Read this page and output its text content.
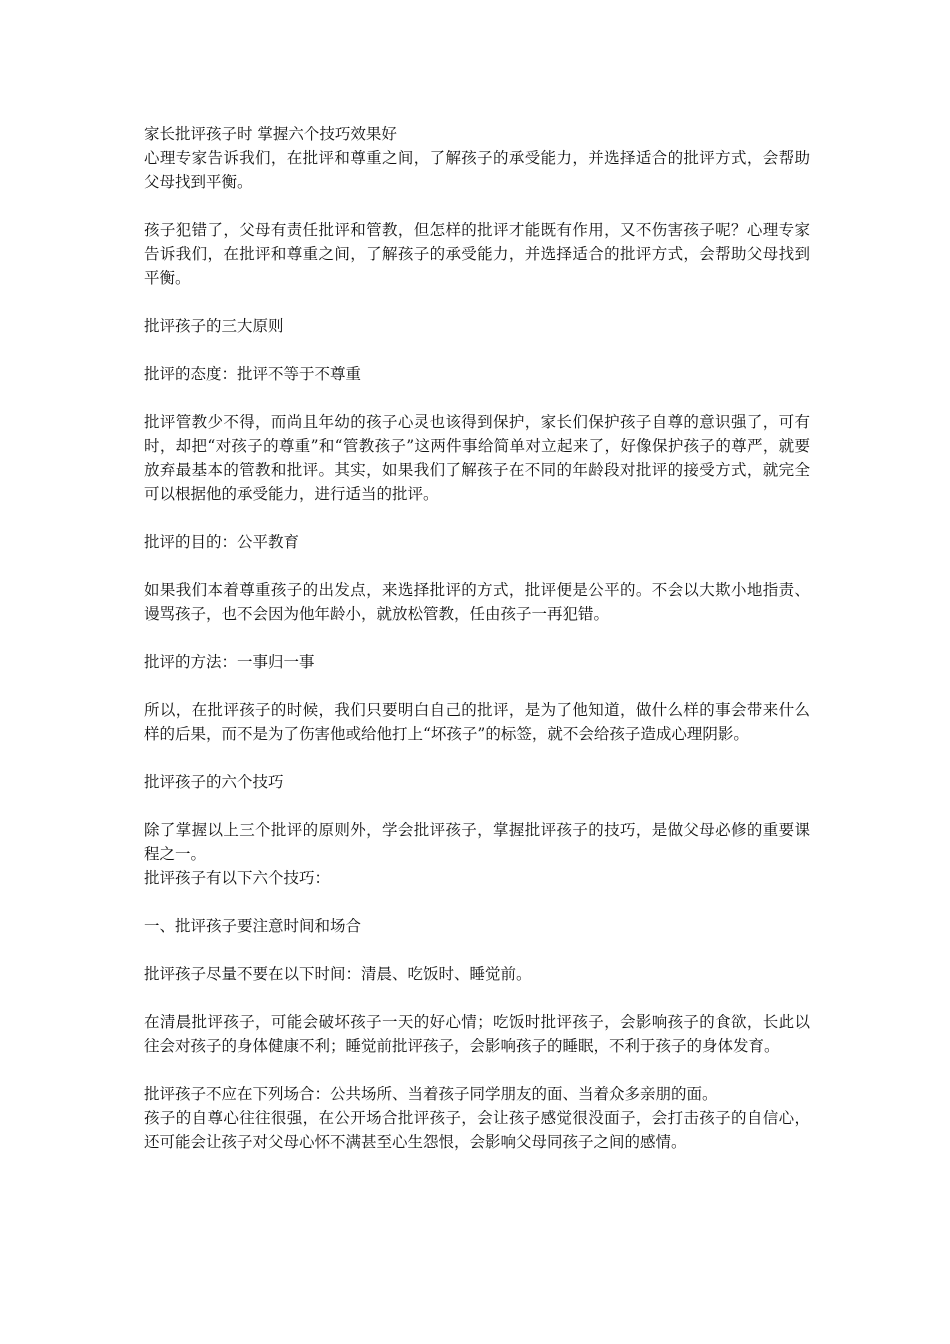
家长批评孩子时 掌握六个技巧效果好

心理专家告诉我们，在批评和尊重之间，了解孩子的承受能力，并选择适合的批评方式，会帮助父母找到平衡。

孩子犯错了，父母有责任批评和管教，但怎样的批评才能既有作用，又不伤害孩子呢？心理专家告诉我们，在批评和尊重之间，了解孩子的承受能力，并选择适合的批评方式，会帮助父母找到平衡。

批评孩子的三大原则

批评的态度：批评不等于不尊重

批评管教少不得，而尚且年幼的孩子心灵也该得到保护，家长们保护孩子自尊的意识强了，可有时，却把“对孩子的尊重”和“管教孩子”这两件事给简单对立起来了，好像保护孩子的尊严，就要放弃最基本的管教和批评。其实，如果我们了解孩子在不同的年龄段对批评的接受方式，就完全可以根据他的承受能力，进行适当的批评。

批评的目的：公平教育

如果我们本着尊重孩子的出发点，来选择批评的方式，批评便是公平的。不会以大欺小地指责、谩骂孩子，也不会因为他年龄小，就放松管教，任由孩子一再犯错。

批评的方法：一事归一事

所以，在批评孩子的时候，我们只要明白自己的批评，是为了他知道，做什么样的事会带来什么样的后果，而不是为了伤害他或给他打上“坏孩子”的标签，就不会给孩子造成心理阴影。

批评孩子的六个技巧

除了掌握以上三个批评的原则外，学会批评孩子，掌握批评孩子的技巧，是做父母必修的重要课程之一。

批评孩子有以下六个技巧：

一、批评孩子要注意时间和场合

批评孩子尽量不要在以下时间：清晨、吃饭时、睡觉前。

在清晨批评孩子，可能会破坏孩子一天的好心情；吃饭时批评孩子，会影响孩子的食欲，长此以往会对孩子的身体健康不利；睡觉前批评孩子，会影响孩子的睡眠，不利于孩子的身体发育。

批评孩子不应在下列场合：公共场所、当着孩子同学朋友的面、当着众多亲朋的面。

孩子的自尊心往往很强，在公开场合批评孩子，会让孩子感觉很没面子，会打击孩子的自信心，还可能会让孩子对父母心怀不满甚至心生怨恨，会影响父母同孩子之间的感情。
